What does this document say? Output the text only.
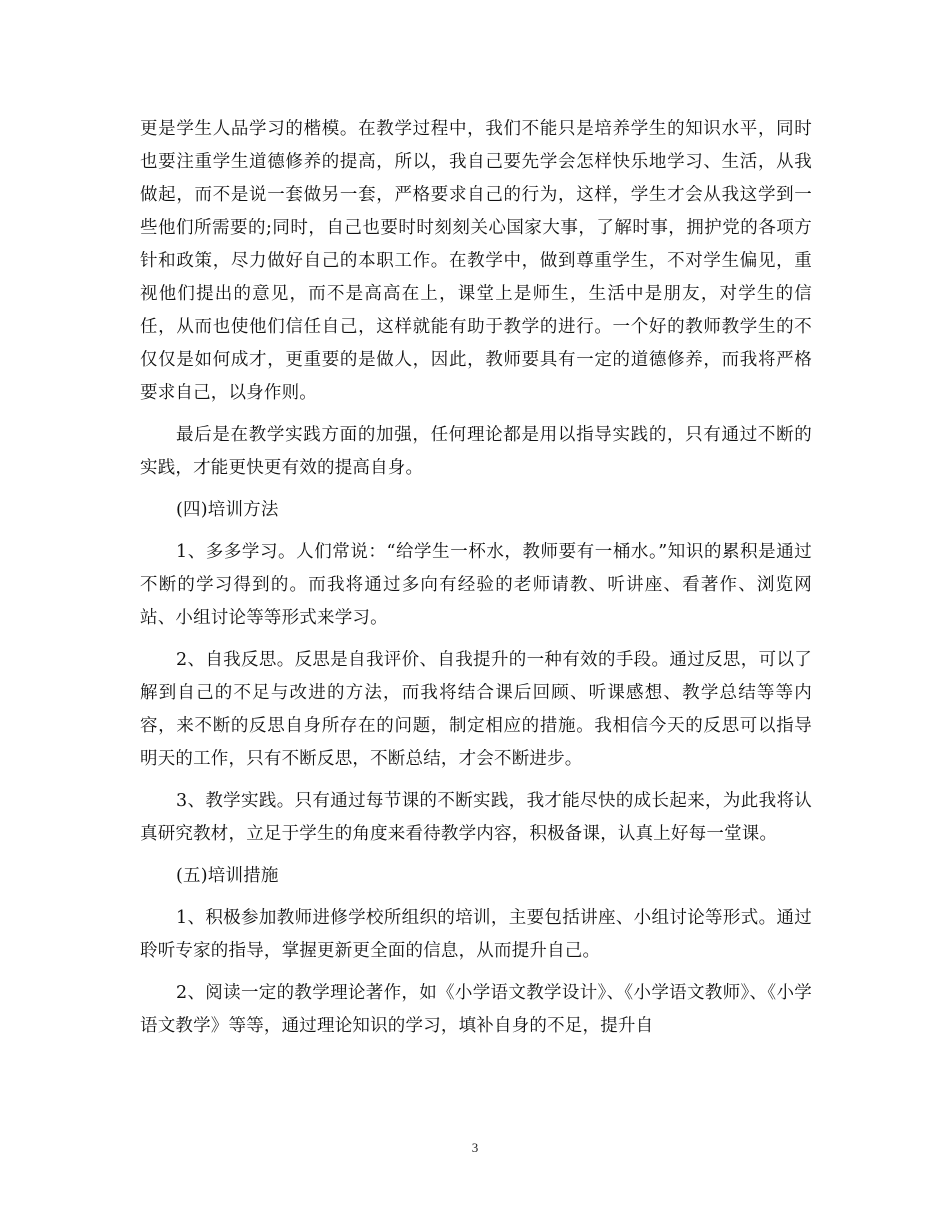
更是学生人品学习的楷模。在教学过程中，我们不能只是培养学生的知识水平，同时也要注重学生道德修养的提高，所以，我自己要先学会怎样快乐地学习、生活，从我做起，而不是说一套做另一套，严格要求自己的行为，这样，学生才会从我这学到一些他们所需要的;同时，自己也要时时刻刻关心国家大事，了解时事，拥护党的各项方针和政策，尽力做好自己的本职工作。在教学中，做到尊重学生，不对学生偏见，重视他们提出的意见，而不是高高在上，课堂上是师生，生活中是朋友，对学生的信任，从而也使他们信任自己，这样就能有助于教学的进行。一个好的教师教学生的不仅仅是如何成才，更重要的是做人，因此，教师要具有一定的道德修养，而我将严格要求自己，以身作则。

最后是在教学实践方面的加强，任何理论都是用以指导实践的，只有通过不断的实践，才能更快更有效的提高自身。

(四)培训方法

1、多多学习。人们常说：“给学生一杯水，教师要有一桶水。”知识的累积是通过不断的学习得到的。而我将通过多向有经验的老师请教、听讲座、看著作、浏览网站、小组讨论等等形式来学习。

2、自我反思。反思是自我评价、自我提升的一种有效的手段。通过反思，可以了解到自己的不足与改进的方法，而我将结合课后回顾、听课感想、教学总结等等内容，来不断的反思自身所存在的问题，制定相应的措施。我相信今天的反思可以指导明天的工作，只有不断反思，不断总结，才会不断进步。

3、教学实践。只有通过每节课的不断实践，我才能尽快的成长起来，为此我将认真研究教材，立足于学生的角度来看待教学内容，积极备课，认真上好每一堂课。

(五)培训措施

1、积极参加教师进修学校所组织的培训，主要包括讲座、小组讨论等形式。通过聆听专家的指导，掌握更新更全面的信息，从而提升自己。

2、阅读一定的教学理论著作，如《小学语文教学设计》、《小学语文教师》、《小学语文教学》等等，通过理论知识的学习，填补自身的不足，提升自

3
